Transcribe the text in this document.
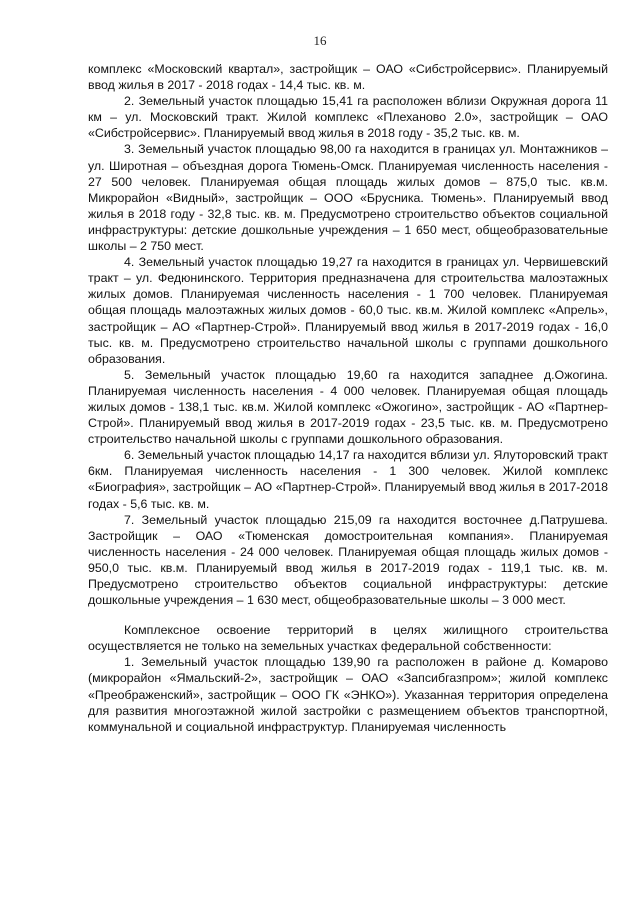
16

комплекс «Московский квартал», застройщик – ОАО «Сибстройсервис». Планируемый ввод жилья в 2017 - 2018 годах - 14,4 тыс. кв. м.

2. Земельный участок площадью 15,41 га расположен вблизи Окружная дорога 11 км – ул. Московский тракт. Жилой комплекс «Плеханово 2.0», застройщик – ОАО «Сибстройсервис». Планируемый ввод жилья в 2018 году - 35,2 тыс. кв. м.

3. Земельный участок площадью 98,00 га находится в границах ул. Монтажников – ул. Широтная – объездная дорога Тюмень-Омск. Планируемая численность населения - 27 500 человек. Планируемая общая площадь жилых домов – 875,0 тыс. кв.м. Микрорайон «Видный», застройщик – ООО «Брусника. Тюмень». Планируемый ввод жилья в 2018 году - 32,8 тыс. кв. м. Предусмотрено строительство объектов социальной инфраструктуры: детские дошкольные учреждения – 1 650 мест, общеобразовательные школы – 2 750 мест.

4. Земельный участок площадью 19,27 га находится в границах ул. Червишевский тракт – ул. Федюнинского. Территория предназначена для строительства малоэтажных жилых домов. Планируемая численность населения - 1 700 человек. Планируемая общая площадь малоэтажных жилых домов - 60,0 тыс. кв.м. Жилой комплекс «Апрель», застройщик – АО «Партнер-Строй». Планируемый ввод жилья в 2017-2019 годах - 16,0 тыс. кв. м. Предусмотрено строительство начальной школы с группами дошкольного образования.

5. Земельный участок площадью 19,60 га находится западнее д.Ожогина. Планируемая численность населения - 4 000 человек. Планируемая общая площадь жилых домов - 138,1 тыс. кв.м. Жилой комплекс «Ожогино», застройщик - АО «Партнер-Строй». Планируемый ввод жилья в 2017-2019 годах - 23,5 тыс. кв. м. Предусмотрено строительство начальной школы с группами дошкольного образования.

6. Земельный участок площадью 14,17 га находится вблизи ул. Ялуторовский тракт 6км. Планируемая численность населения - 1 300 человек. Жилой комплекс «Биография», застройщик – АО «Партнер-Строй». Планируемый ввод жилья в 2017-2018 годах - 5,6 тыс. кв. м.

7. Земельный участок площадью 215,09 га находится восточнее д.Патрушева. Застройщик – ОАО «Тюменская домостроительная компания». Планируемая численность населения - 24 000 человек. Планируемая общая площадь жилых домов - 950,0 тыс. кв.м. Планируемый ввод жилья в 2017-2019 годах - 119,1 тыс. кв. м. Предусмотрено строительство объектов социальной инфраструктуры: детские дошкольные учреждения – 1 630 мест, общеобразовательные школы – 3 000 мест.

Комплексное освоение территорий в целях жилищного строительства осуществляется не только на земельных участках федеральной собственности:

1. Земельный участок площадью 139,90 га расположен в районе д. Комарово (микрорайон «Ямальский-2», застройщик – ОАО «Запсибгазпром»; жилой комплекс «Преображенский», застройщик – ООО ГК «ЭНКО»). Указанная территория определена для развития многоэтажной жилой застройки с размещением объектов транспортной, коммунальной и социальной инфраструктур. Планируемая численность
